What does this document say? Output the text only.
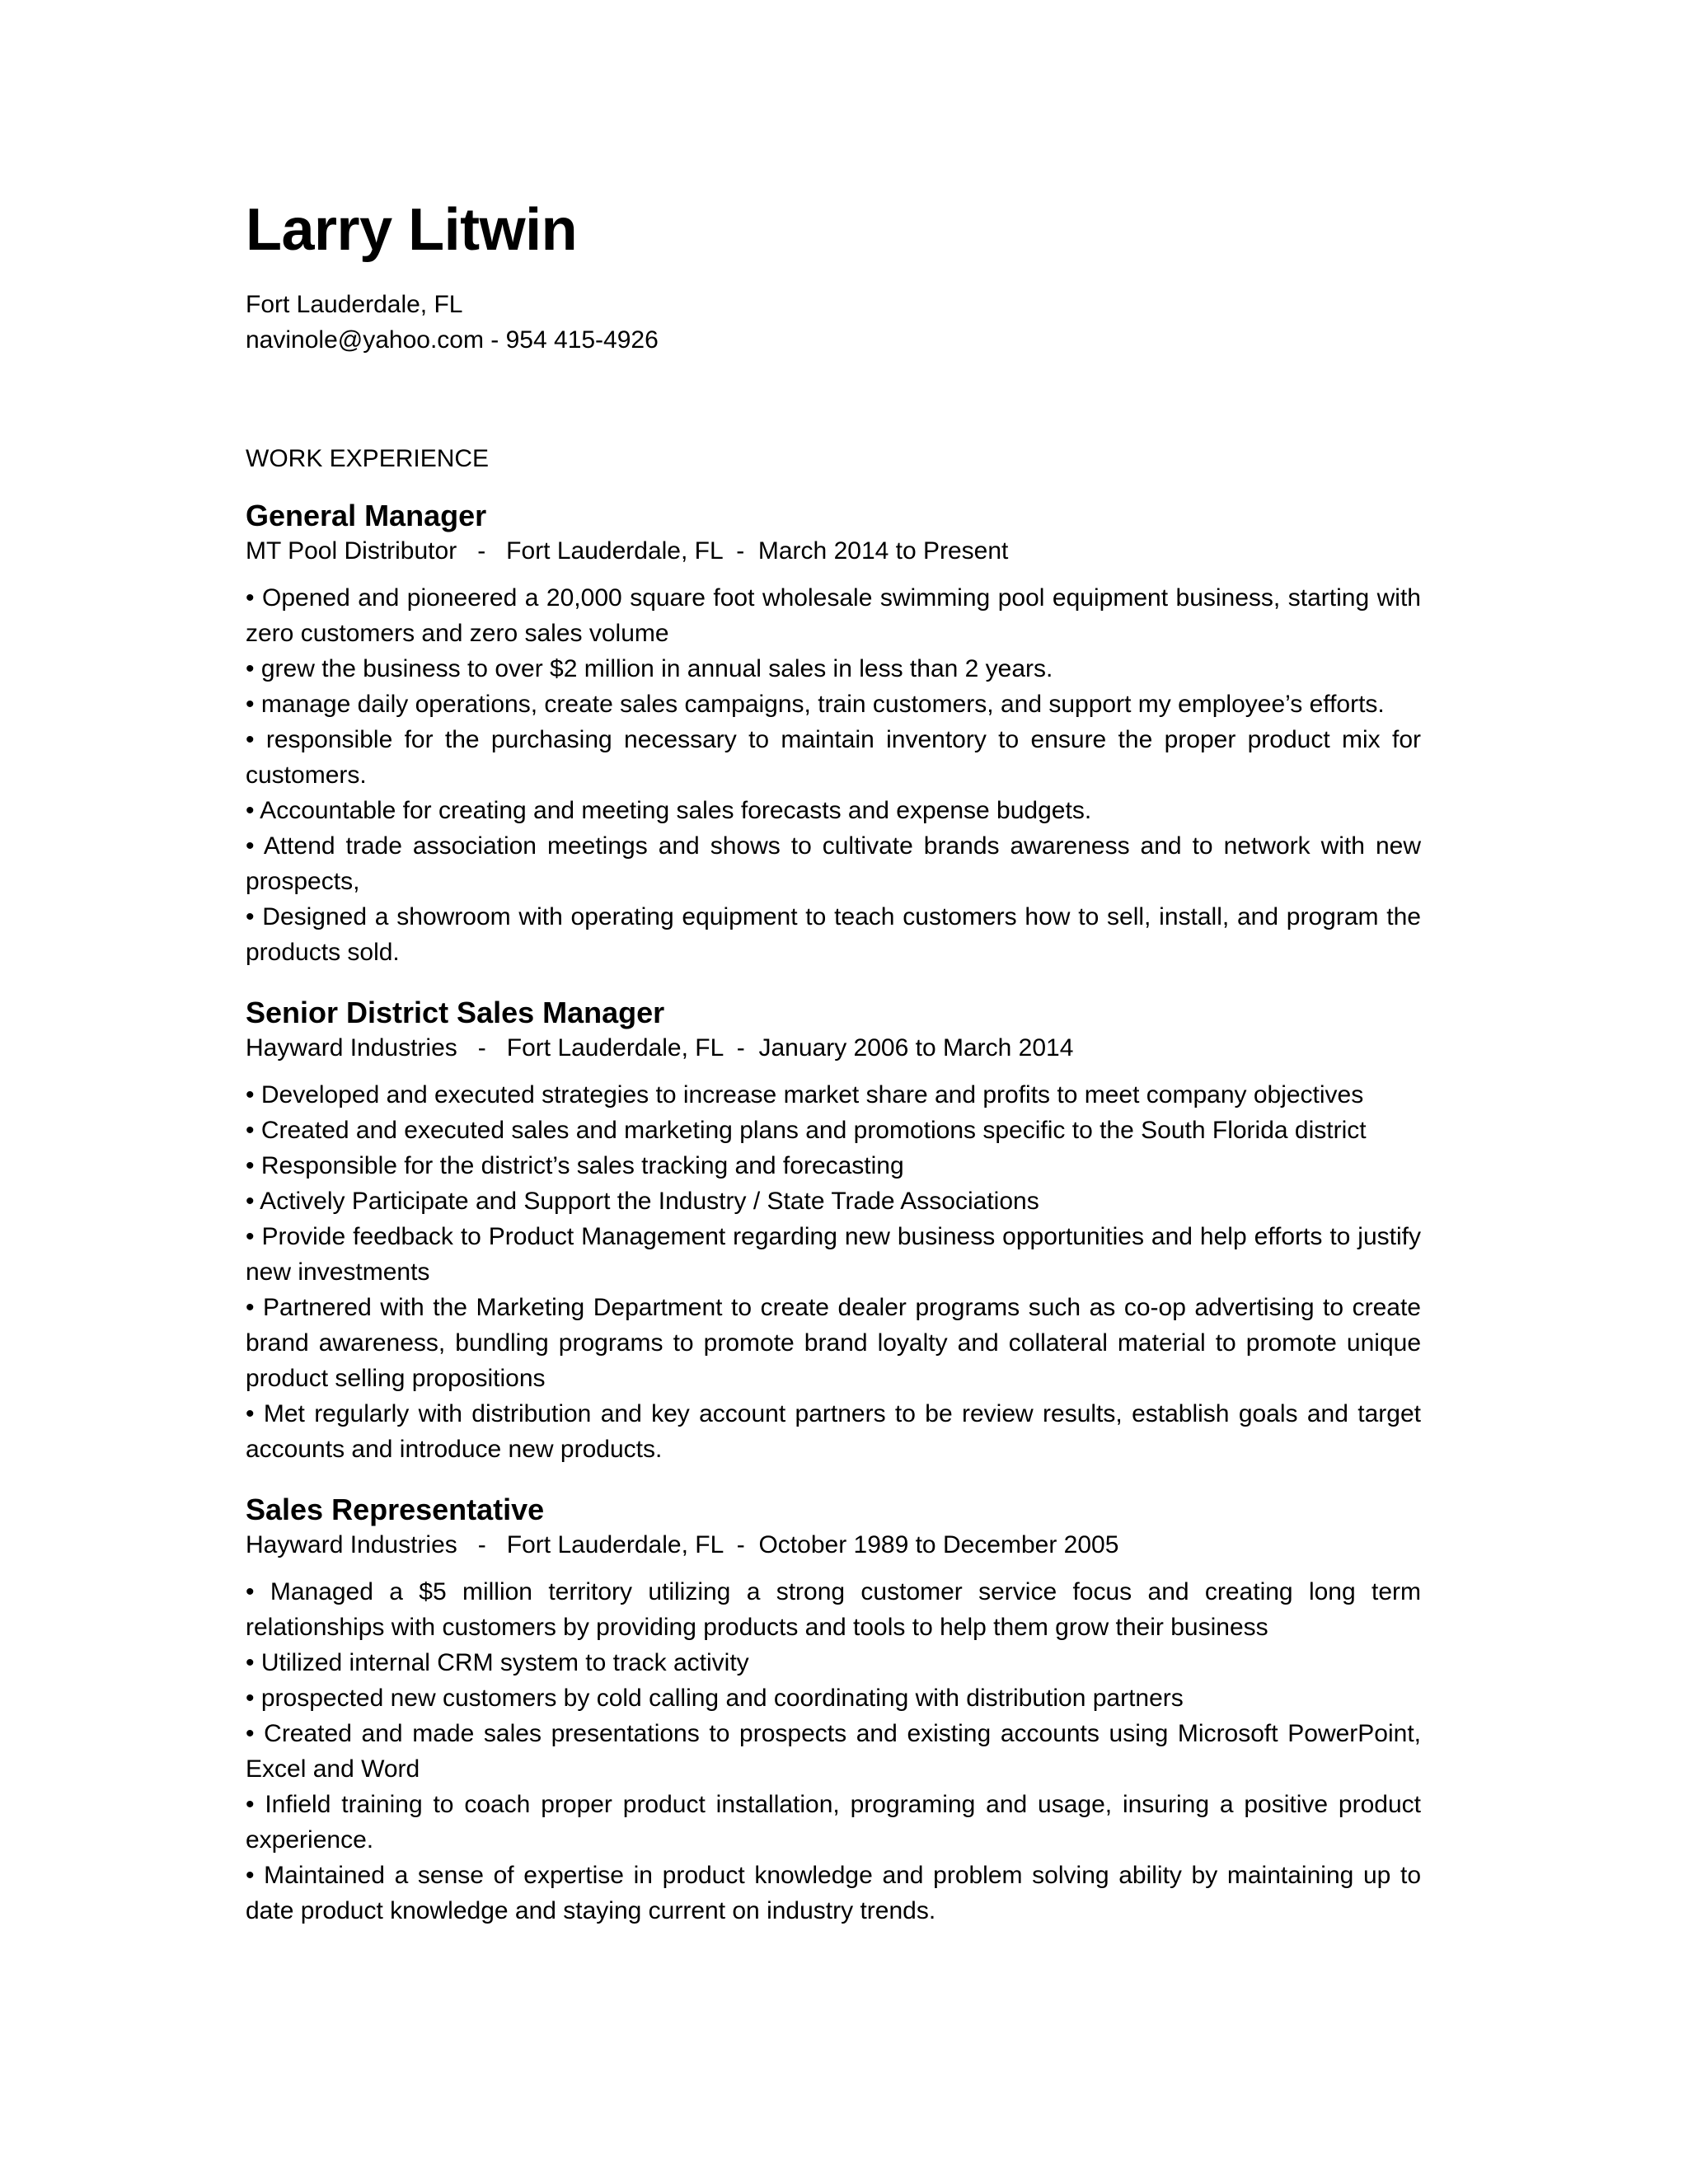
Larry Litwin
Fort Lauderdale, FL
navinole@yahoo.com - 954 415-4926
WORK EXPERIENCE
General Manager
MT Pool Distributor   -   Fort Lauderdale, FL  -  March 2014 to Present
• Opened and pioneered a 20,000 square foot wholesale swimming pool equipment business, starting with zero customers and zero sales volume
• grew the business to over $2 million in annual sales in less than 2 years.
• manage daily operations, create sales campaigns, train customers, and support my employee’s efforts.
• responsible for the purchasing necessary to maintain inventory to ensure the proper product mix for customers.
• Accountable for creating and meeting sales forecasts and expense budgets.
• Attend trade association meetings and shows to cultivate brands awareness and to network with new prospects,
• Designed a showroom with operating equipment to teach customers how to sell, install, and program the products sold.
Senior District Sales Manager
Hayward Industries   -   Fort Lauderdale, FL  -  January 2006 to March 2014
• Developed and executed strategies to increase market share and profits to meet company objectives
• Created and executed sales and marketing plans and promotions specific to the South Florida district
• Responsible for the district’s sales tracking and forecasting
• Actively Participate and Support the Industry / State Trade Associations
• Provide feedback to Product Management regarding new business opportunities and help efforts to justify new investments
• Partnered with the Marketing Department to create dealer programs such as co-op advertising to create brand awareness, bundling programs to promote brand loyalty and collateral material to promote unique product selling propositions
• Met regularly with distribution and key account partners to be review results, establish goals and target accounts and introduce new products.
Sales Representative
Hayward Industries   -   Fort Lauderdale, FL  -  October 1989 to December 2005
• Managed a $5 million territory utilizing a strong customer service focus and creating long term relationships with customers by providing products and tools to help them grow their business
• Utilized internal CRM system to track activity
• prospected new customers by cold calling and coordinating with distribution partners
• Created and made sales presentations to prospects and existing accounts using Microsoft PowerPoint, Excel and Word
• Infield training to coach proper product installation, programing and usage, insuring a positive product experience.
• Maintained a sense of expertise in product knowledge and problem solving ability by maintaining up to date product knowledge and staying current on industry trends.
